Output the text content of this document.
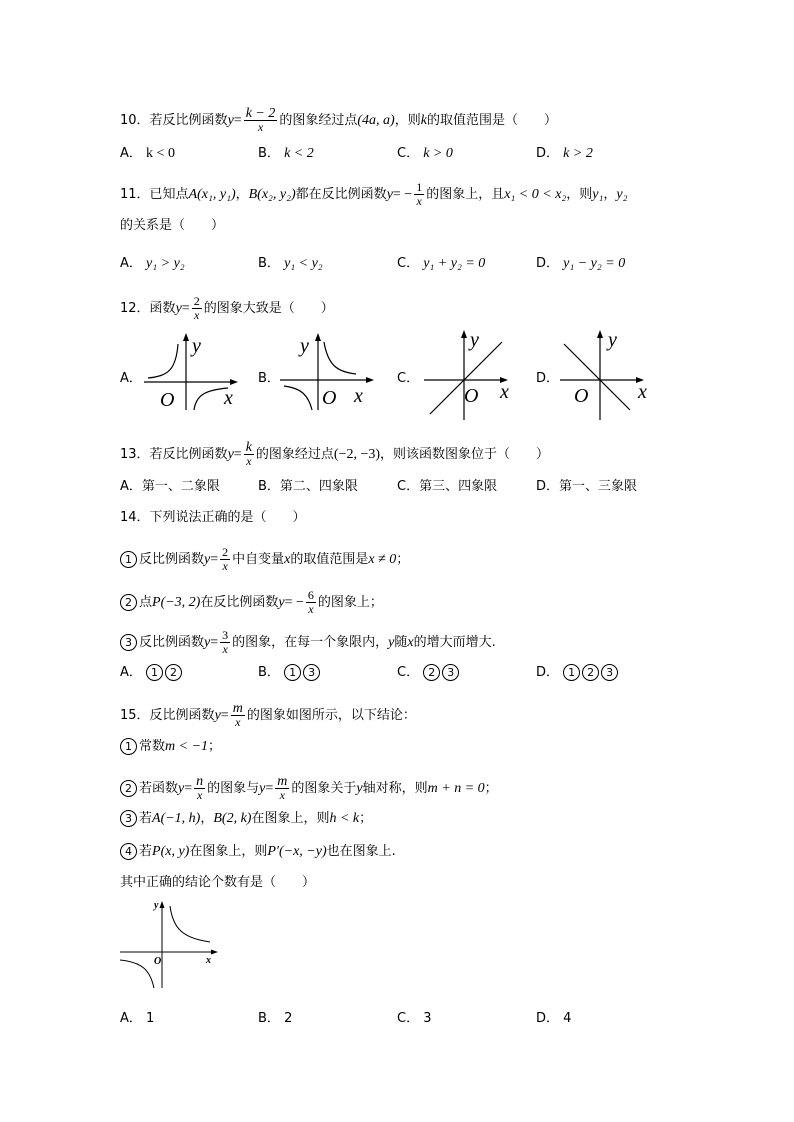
10．若反比例函数$y= \frac{k - 2}{x}$ 的图象经过点(4a, a)，则k的取值范围是（　　）
A． k < 0	B． k < 2	C． k > 0	D． k > 2
11．已知点A(x₁, y₁)，B(x₂, y₂)都在反比例函数$y= - \frac{1}{x}$ 的图象上，且x₁ < 0 < x₂，则y₁，y₂
的关系是（　　）
A． y₁ > y₂	B． y₁ < y₂	C． y₁ + y₂ = 0	D． y₁ − y₂ = 0
12．函数$y= \frac{2}{x}$ 的图象大致是（　　）
A．
y
O x
B．
y
O x
C．
y
O x
D．
y
O x
13．若反比例函数$y= \frac{k}{x}$ 的图象经过点(−2, −3)，则该函数图象位于（　　）
A．第一、二象限	B．第二、四象限	C．第三、四象限	D．第一、三象限
14．下列说法正确的是（　　）
1 反比例函数$y= \frac{2}{x}$ 中自变量x的取值范围是x ≠ 0；
2 点P(−3, 2)在反比例函数$y= - \frac{6}{x}$ 的图象上；
3 反比例函数$y= \frac{3}{x}$ 的图象，在每一个象限内，y随x的增大而增大.
A． 1 2	B． 1 3	C． 2 3	D． 1 2 3
15．反比例函数$y= \frac{m}{x}$ 的图象如图所示，以下结论：
1 常数m < −1；
2 若函数$y= \frac{n}{x}$ 的图象与$y= \frac{m}{x}$ 的图象关于y轴对称，则m + n = 0；
3 若A(−1, h)，B(2, k)在图象上，则h < k；
4 若P(x, y)在图象上，则P′(−x, −y)也在图象上.
其中正确的结论个数有是（　　）
y
O	x
A． 1	B． 2	C． 3	D． 4
